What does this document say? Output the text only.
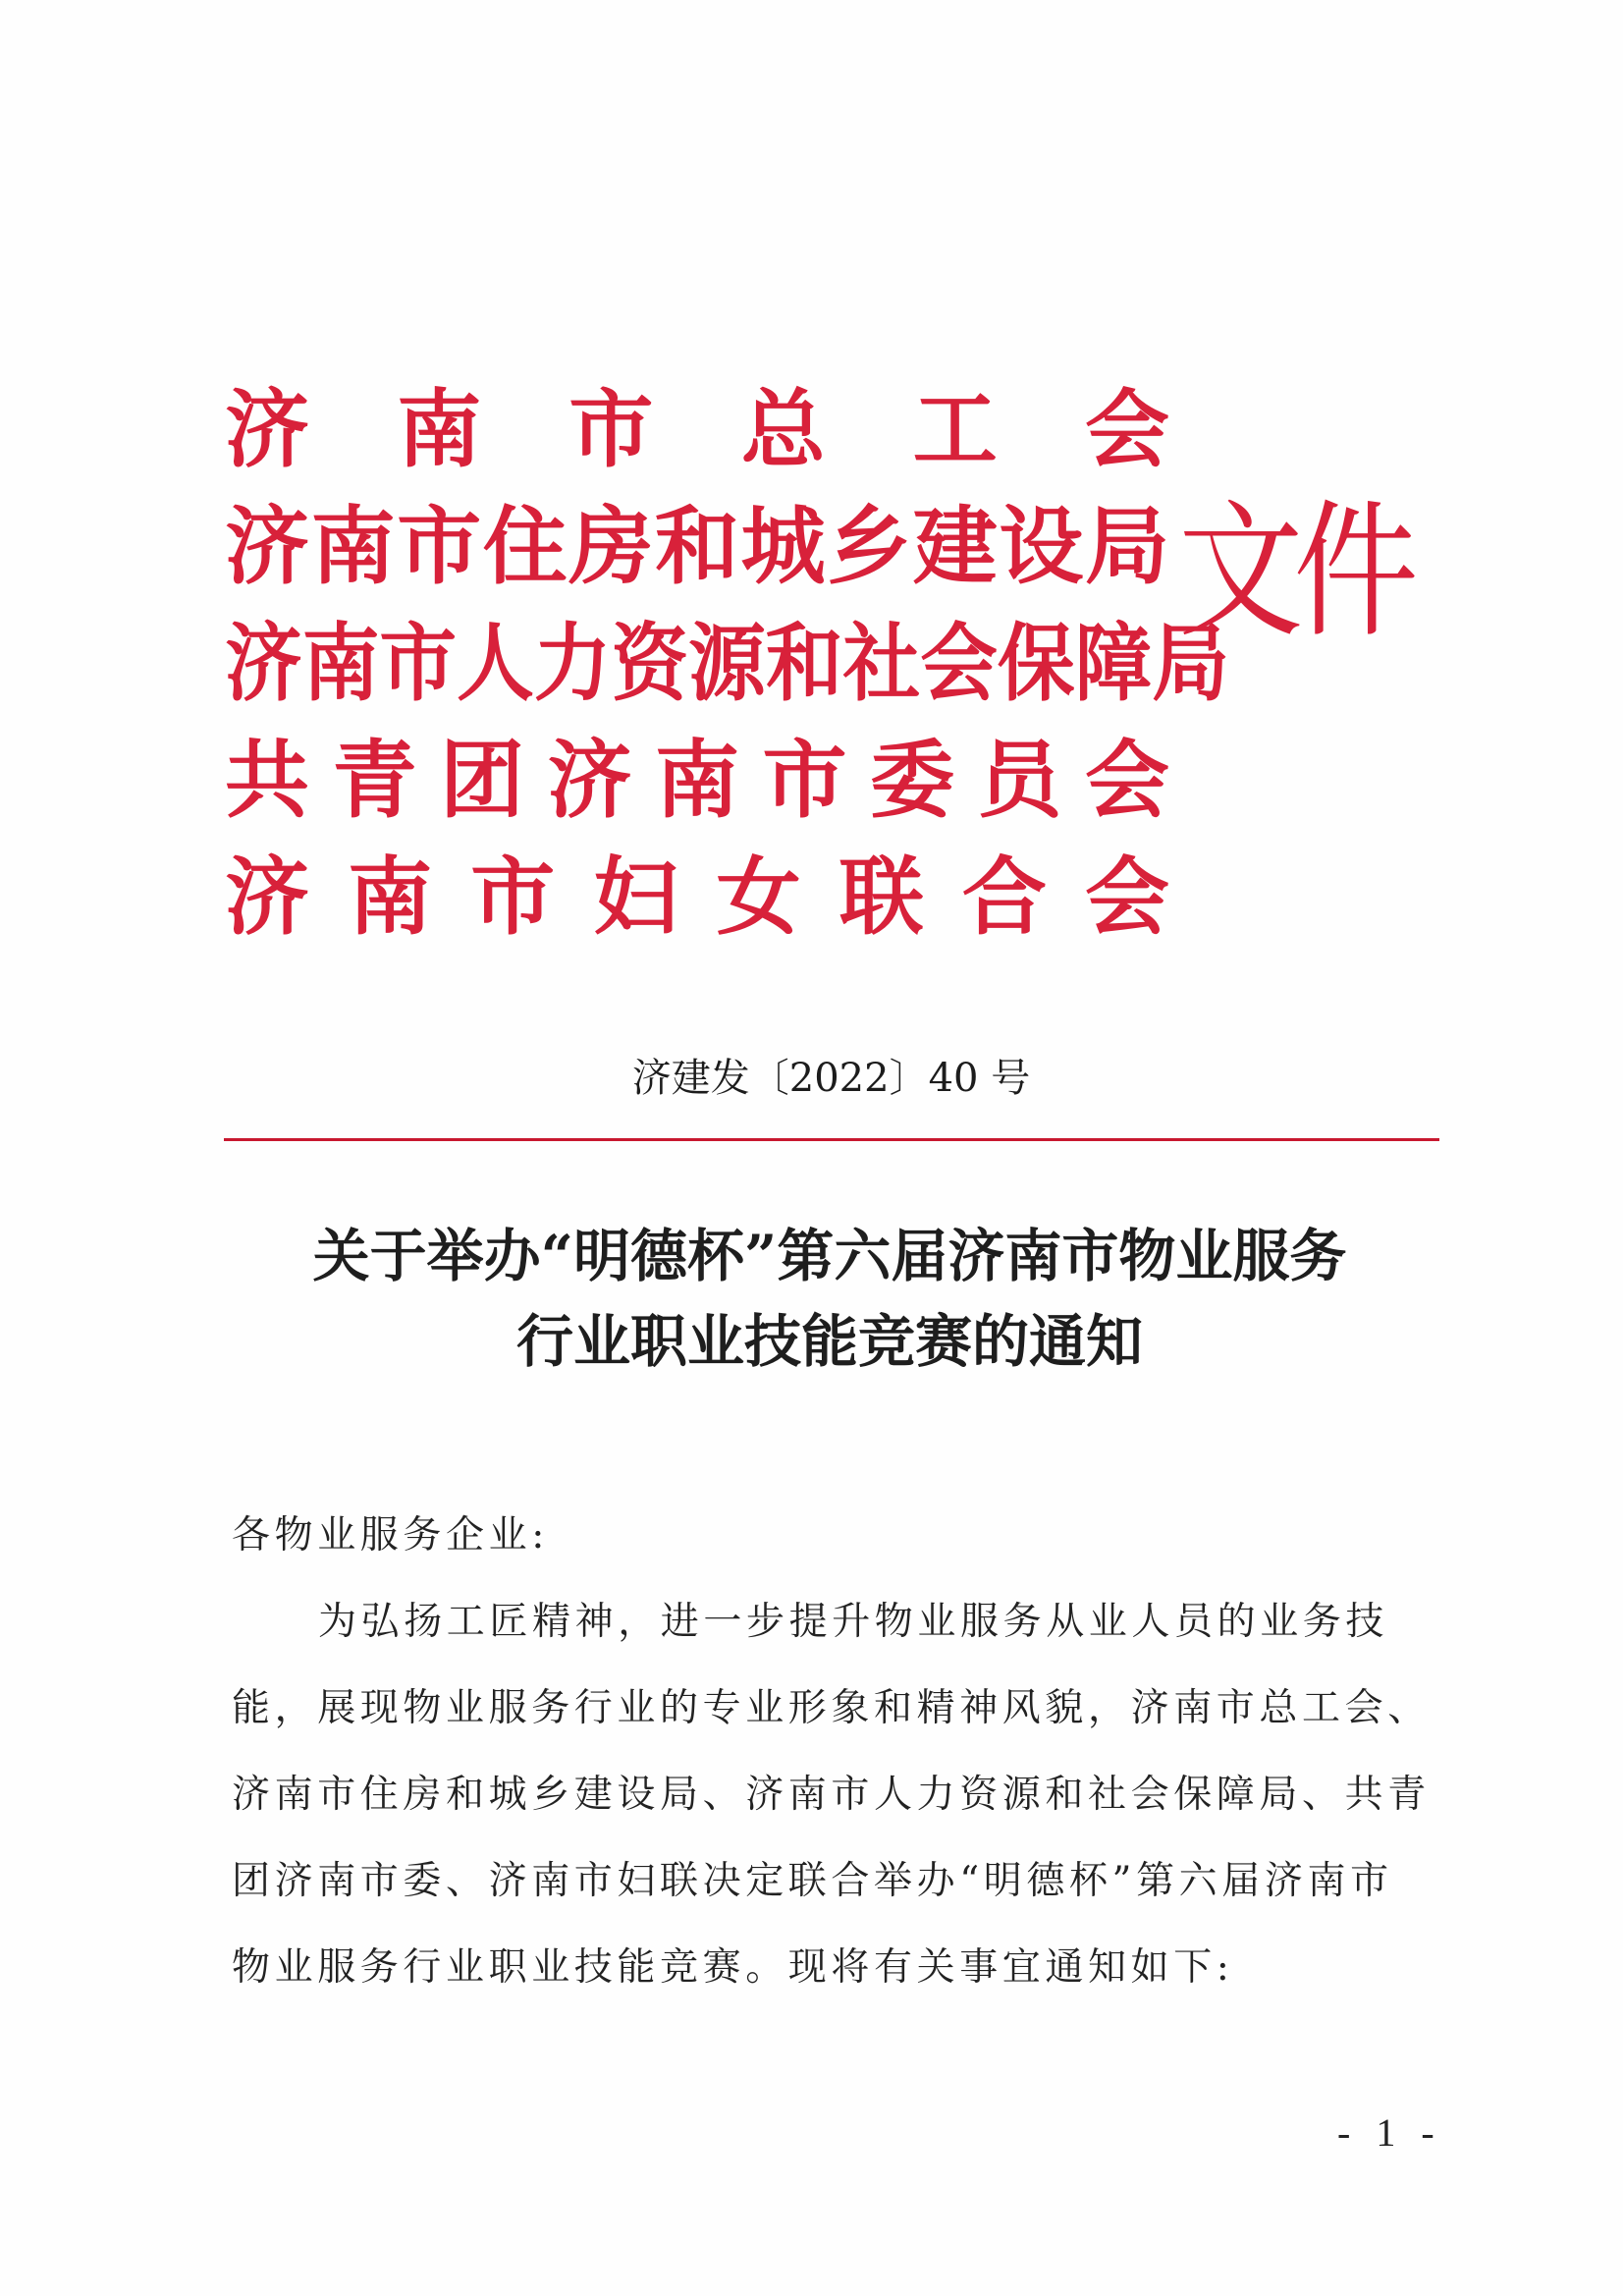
济 南 市 总 工 会
济 南 市 住 房 和 城 乡 建 设 局
济 南 市 人 力 资 源 和 社 会 保 障 局
共 青 团 济 南 市 委 员 会
济 南 市 妇 女 联 合 会
文件
济建发〔2022〕40 号
关于举办“明德杯”第六届济南市物业服务
行业职业技能竞赛的通知
各物业服务企业:
为弘扬工匠精神，进一步提升物业服务从业人员的业务技
能，展现物业服务行业的专业形象和精神风貌，济南市总工会、
济南市住房和城乡建设局、济南市人力资源和社会保障局、共青
团济南市委、济南市妇联决定联合举办“明德杯”第六届济南市
物业服务行业职业技能竞赛。现将有关事宜通知如下:
- 1 -
